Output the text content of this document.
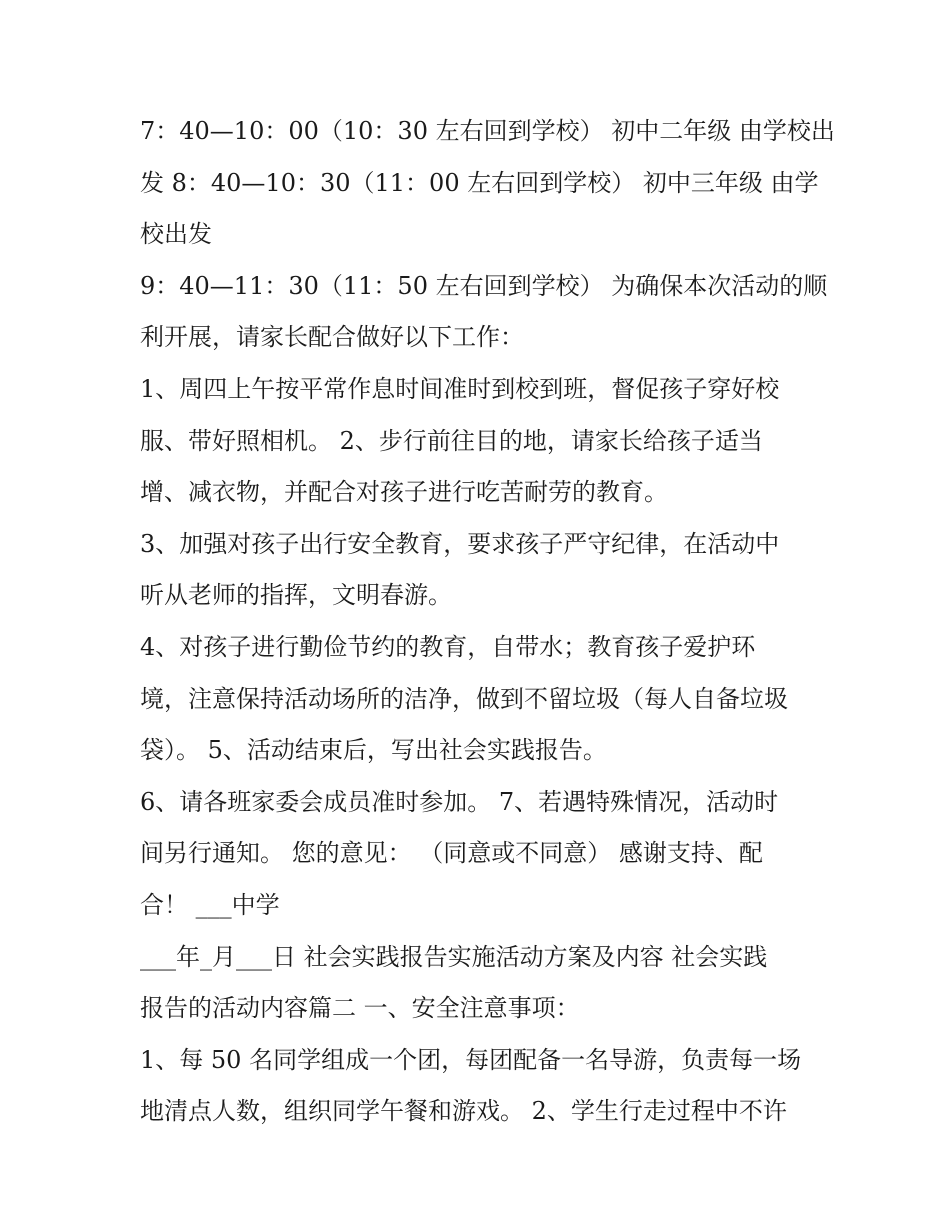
7：40—10：00（10：30 左右回到学校） 初中二年级 由学校出
发 8：40—10：30（11：00 左右回到学校） 初中三年级 由学
校出发
9：40—11：30（11：50 左右回到学校） 为确保本次活动的顺
利开展，请家长配合做好以下工作：
1、周四上午按平常作息时间准时到校到班，督促孩子穿好校
服、带好照相机。 2、步行前往目的地，请家长给孩子适当
增、减衣物，并配合对孩子进行吃苦耐劳的教育。
3、加强对孩子出行安全教育，要求孩子严守纪律，在活动中
听从老师的指挥，文明春游。
4、对孩子进行勤俭节约的教育，自带水；教育孩子爱护环
境，注意保持活动场所的洁净，做到不留垃圾（每人自备垃圾
袋）。 5、活动结束后，写出社会实践报告。
6、请各班家委会成员准时参加。 7、若遇特殊情况，活动时
间另行通知。 您的意见： （同意或不同意） 感谢支持、配
合！ ___中学
___年_月___日 社会实践报告实施活动方案及内容 社会实践
报告的活动内容篇二 一、安全注意事项：
1、每 50 名同学组成一个团，每团配备一名导游，负责每一场
地清点人数，组织同学午餐和游戏。 2、学生行走过程中不许
